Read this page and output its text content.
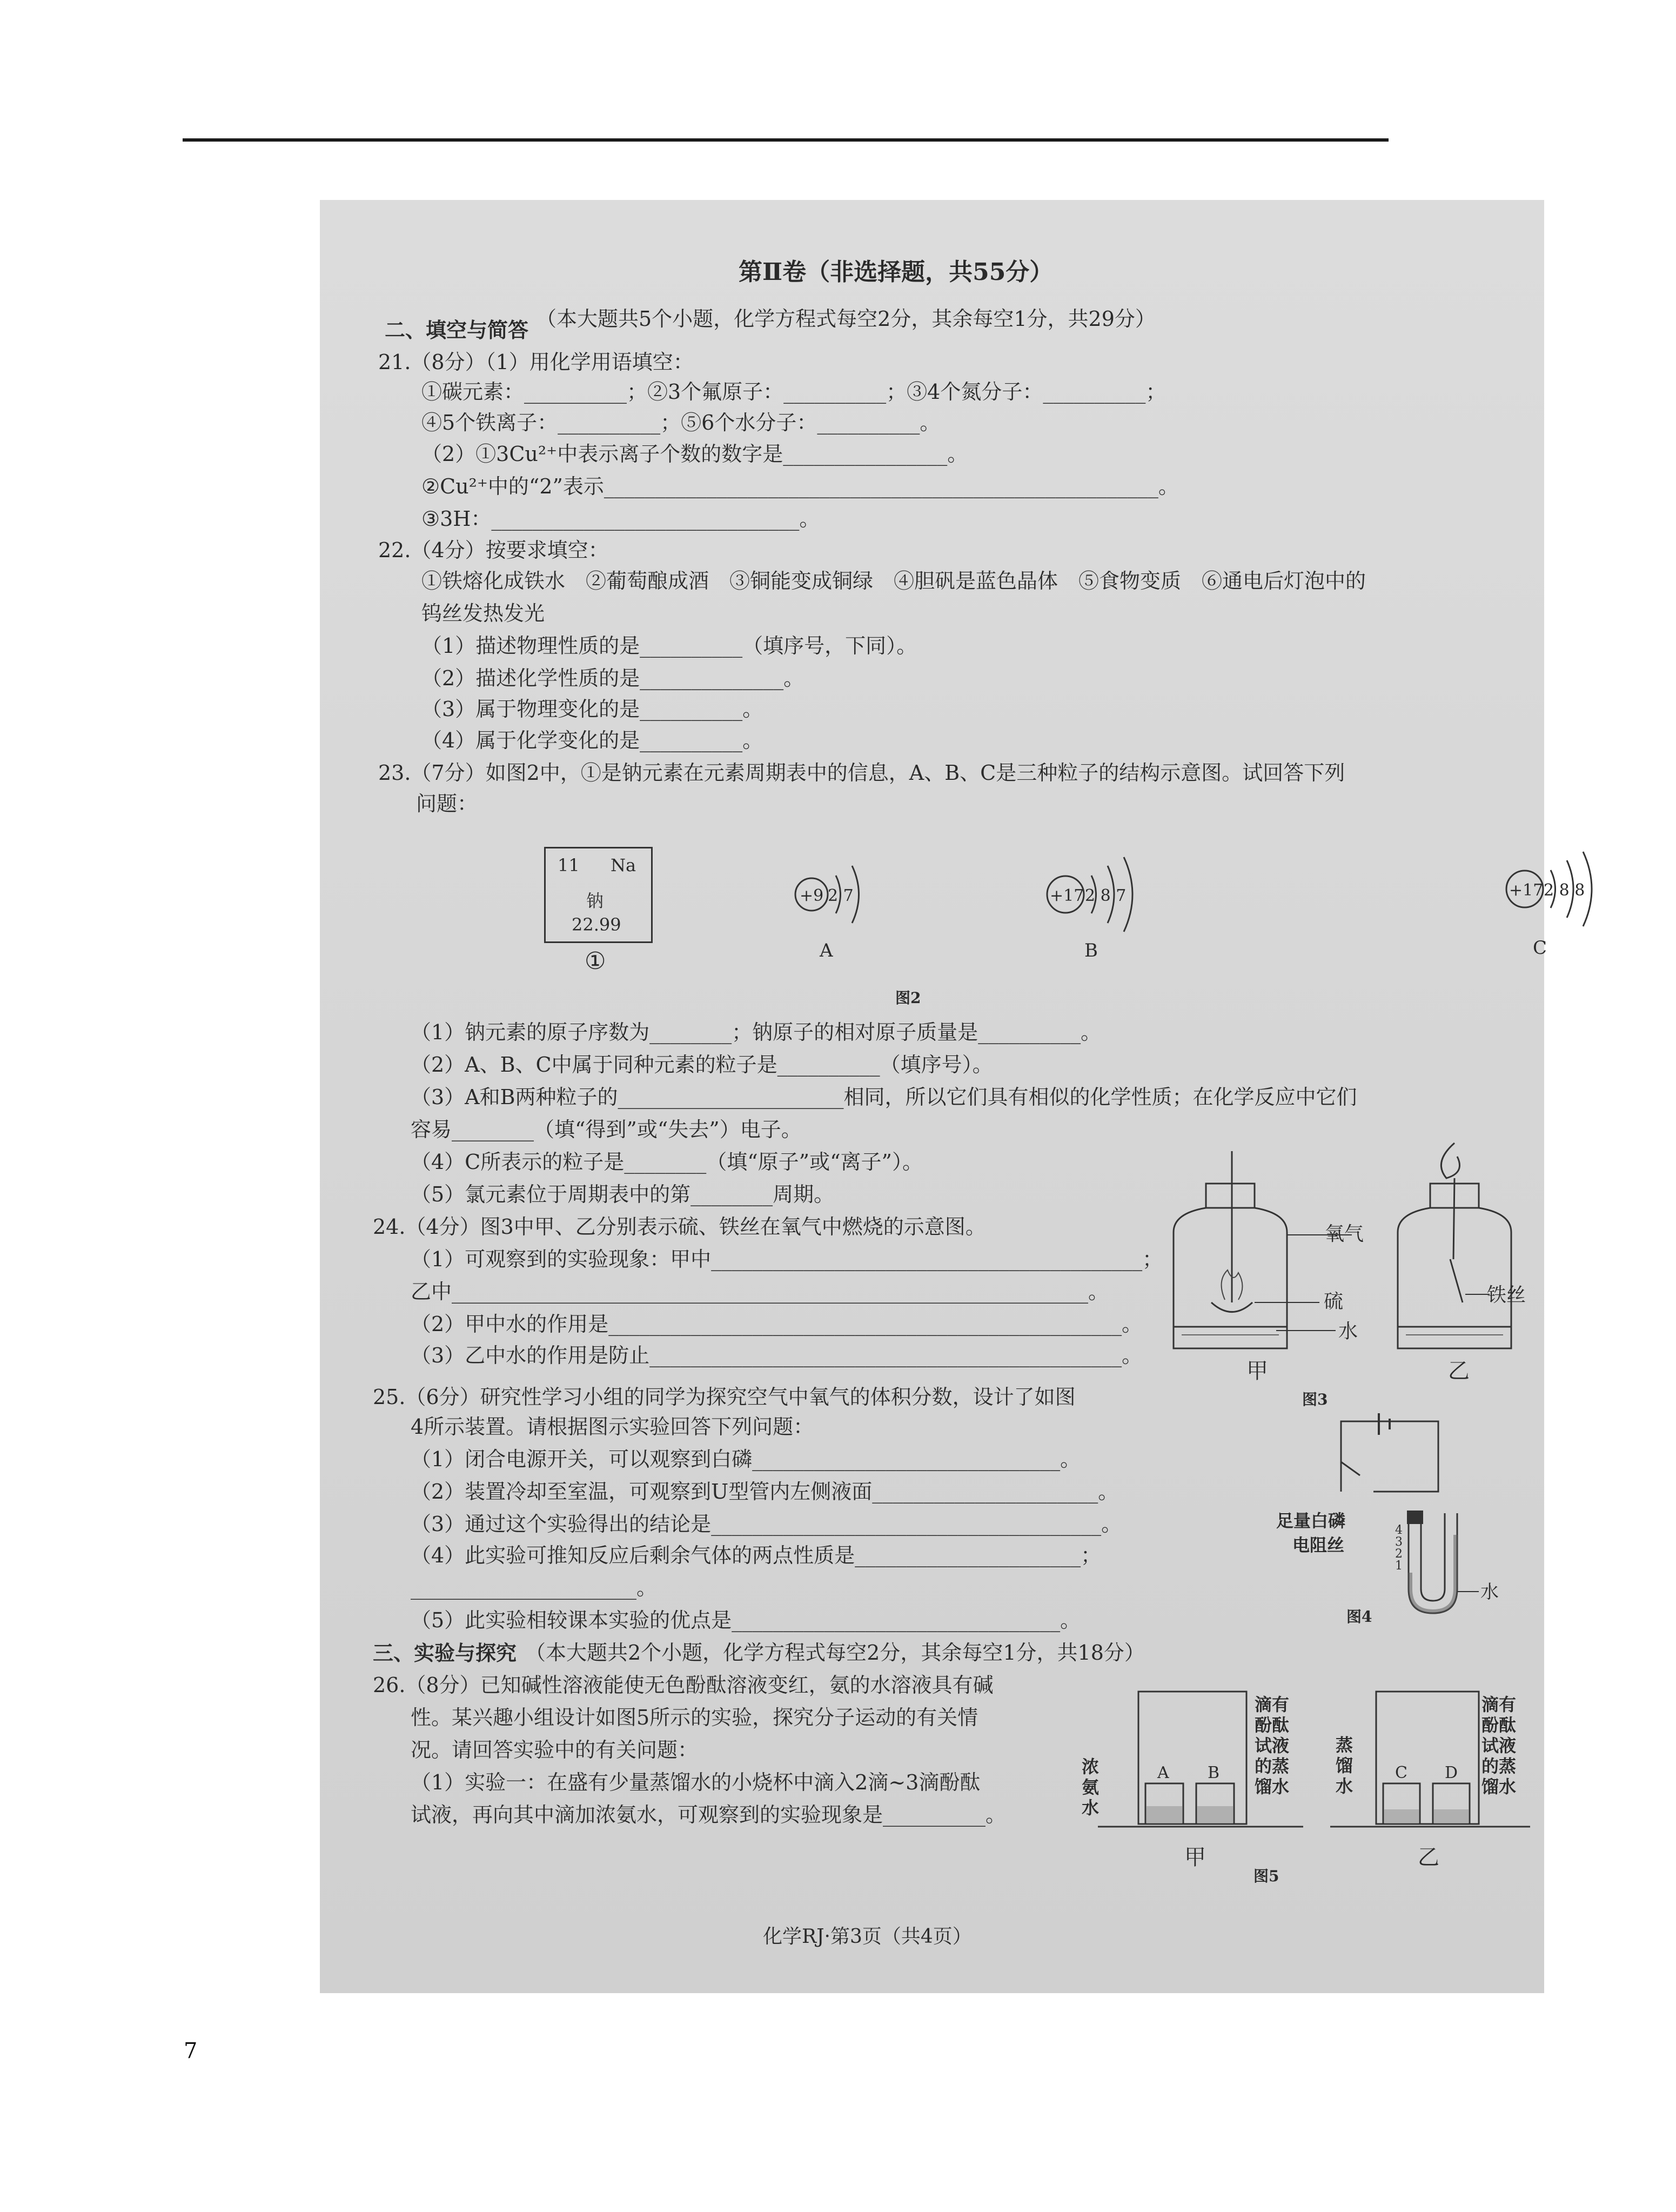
第Ⅱ卷（非选择题，共55分）
二、填空与简答 （本大题共5个小题，化学方程式每空2分，其余每空1分，共29分）
21.（8分）（1）用化学用语填空：
①碳元素：__________；②3个氟原子：__________；③4个氮分子：__________；
④5个铁离子：__________；⑤6个水分子：__________。
（2）①3Cu²⁺中表示离子个数的数字是________________。
②Cu²⁺中的“2”表示______________________________________________________。
③3H：______________________________。
22.（4分）按要求填空：
①铁熔化成铁水　②葡萄酿成酒　③铜能变成铜绿　④胆矾是蓝色晶体　⑤食物变质　⑥通电后灯泡中的
钨丝发热发光
（1）描述物理性质的是__________（填序号，下同）。
（2）描述化学性质的是______________。
（3）属于物理变化的是__________。
（4）属于化学变化的是__________。
23.（7分）如图2中，①是钠元素在元素周期表中的信息，A、B、C是三种粒子的结构示意图。试回答下列
问题：
11 Na
钠
22.99
①
+9 2 7
A
+17 2 8 7
B
+17 2 8 8
C
图2
（1）钠元素的原子序数为________；钠原子的相对原子质量是__________。
（2）A、B、C中属于同种元素的粒子是__________（填序号）。
（3）A和B两种粒子的______________________相同，所以它们具有相似的化学性质；在化学反应中它们
容易________（填“得到”或“失去”）电子。
（4）C所表示的粒子是________（填“原子”或“离子”）。
（5）氯元素位于周期表中的第________周期。
24.（4分）图3中甲、乙分别表示硫、铁丝在氧气中燃烧的示意图。
（1）可观察到的实验现象：甲中__________________________________________；
乙中______________________________________________________________。
（2）甲中水的作用是__________________________________________________。
（3）乙中水的作用是防止______________________________________________。
氧气
硫
水
铁丝
甲	乙
图3
25.（6分）研究性学习小组的同学为探究空气中氧气的体积分数，设计了如图
4所示装置。请根据图示实验回答下列问题：
（1）闭合电源开关，可以观察到白磷______________________________。
（2）装置冷却至室温，可观察到U型管内左侧液面______________________。
（3）通过这个实验得出的结论是______________________________________。
（4）此实验可推知反应后剩余气体的两点性质是______________________；
______________________。
（5）此实验相较课本实验的优点是________________________________。
4
3
2
1
足量白磷
电阻丝
水
图4
三、实验与探究 （本大题共2个小题，化学方程式每空2分，其余每空1分，共18分）
26.（8分）已知碱性溶液能使无色酚酞溶液变红，氨的水溶液具有碱
性。某兴趣小组设计如图5所示的实验，探究分子运动的有关情
况。请回答实验中的有关问题：
（1）实验一：在盛有少量蒸馏水的小烧杯中滴入2滴~3滴酚酞
试液，再向其中滴加浓氨水，可观察到的实验现象是__________。
A B
浓
氨
水
滴有
酚酞
试液
的蒸
馏水
甲
C D
蒸
馏
水
滴有
酚酞
试液
的蒸
馏水
乙
图5
化学RJ·第3页（共4页）
7
